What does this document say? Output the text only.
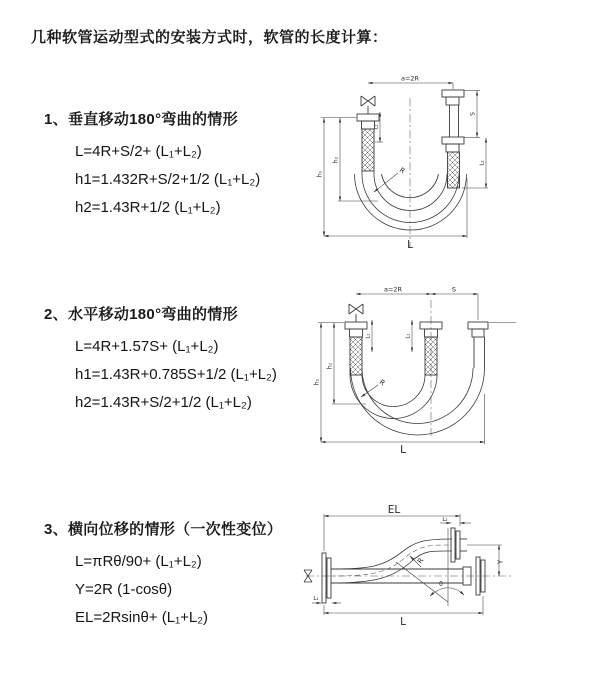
几种软管运动型式的安装方式时，软管的长度计算：
1、垂直移动180°弯曲的情形
L=4R+S/2+ (L₁+L₂)
h1=1.432R+S/2+1/2 (L₁+L₂)
h2=1.43R+1/2 (L₁+L₂)
2、水平移动180°弯曲的情形
L=4R+1.57S+ (L₁+L₂)
h1=1.43R+0.785S+1/2 (L₁+L₂)
h2=1.43R+S/2+1/2 (L₁+L₂)
3、横向位移的情形（一次性变位）
L=πRθ/90+ (L₁+L₂)
Y=2R (1-cosθ)
EL=2Rsinθ+ (L₁+L₂)
a=2R
R
h₁
h₂
L₁
S
L₂
L
a=2R	S
R
h₁
h₂
L₁	L₁
L
EL
L₂
θ
R	Y
L₁
L
